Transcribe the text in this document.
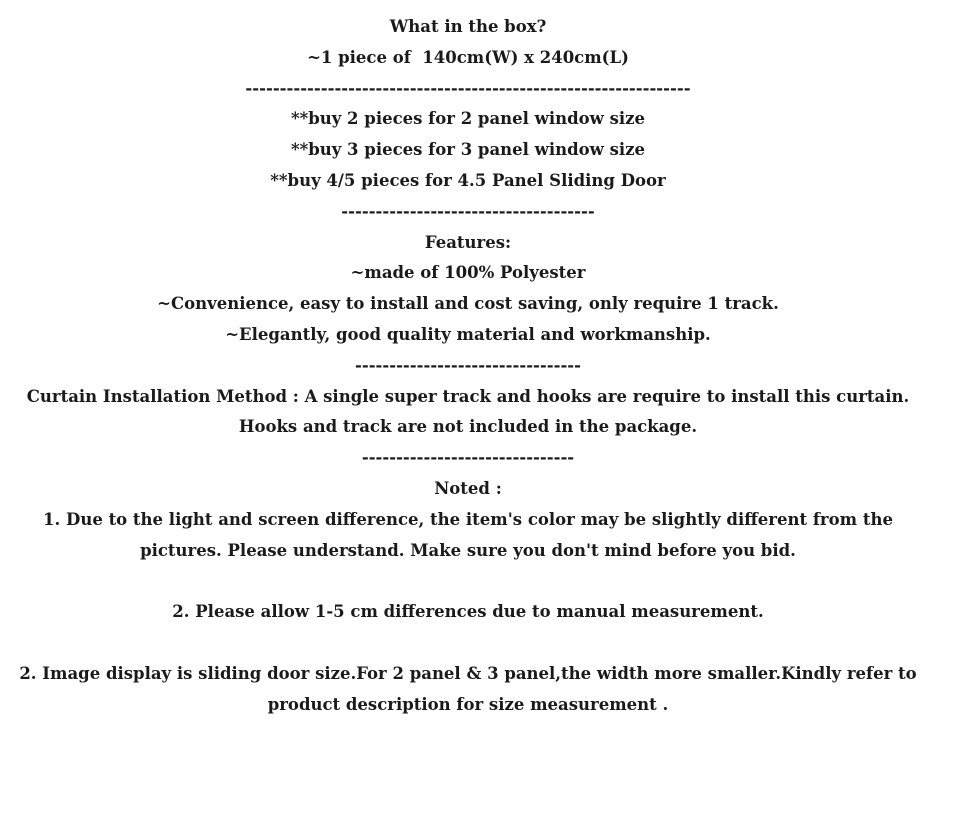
What in the box?
~1 piece of  140cm(W) x 240cm(L)
-----------------------------------------------------------------
**buy 2 pieces for 2 panel window size
**buy 3 pieces for 3 panel window size
**buy 4/5 pieces for 4.5 Panel Sliding Door
-------------------------------------
Features:
~made of 100% Polyester
~Convenience, easy to install and cost saving, only require 1 track.
~Elegantly, good quality material and workmanship.
---------------------------------
Curtain Installation Method : A single super track and hooks are require to install this curtain. Hooks and track are not included in the package.
-------------------------------
Noted :
1. Due to the light and screen difference, the item's color may be slightly different from the pictures. Please understand. Make sure you don't mind before you bid.
2. Please allow 1-5 cm differences due to manual measurement.
2. Image display is sliding door size.For 2 panel & 3 panel,the width more smaller.Kindly refer to product description for size measurement .
